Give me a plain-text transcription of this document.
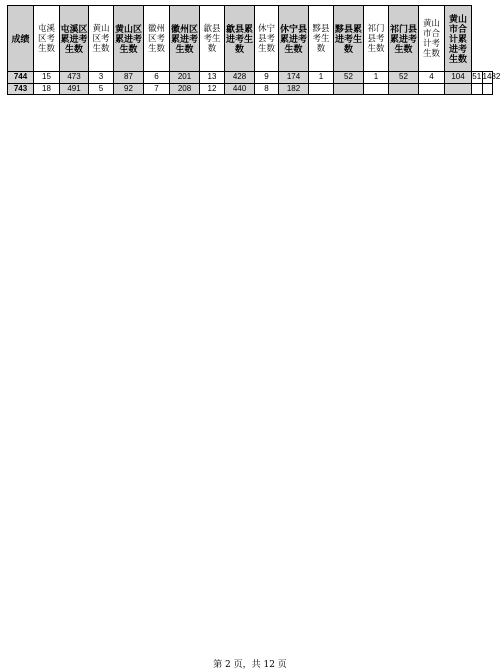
成绩	屯溪区考生数	屯溪区累进考生数	黄山区考生数	黄山区累进考生数	徽州区考生数	徽州区累进考生数	歙县考生数	歙县累进考生数	休宁县考生数	休宁县累进考生数	黟县考生数	黟县累进考生数	祁门县考生数	祁门县累进考生数	黄山市合计考生数	黄山市合计累进考生数		
744	15	473	3	87	6	201	13	428	9	174	1	52	1	52	4	104	51	1482
743	18	491	5	92	7	208	12	440	8	182								
第 2 页，共 12 页
